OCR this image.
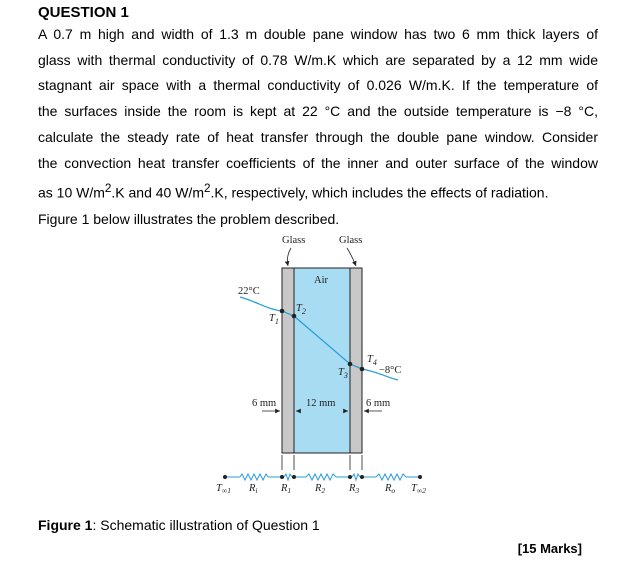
QUESTION 1
A 0.7 m high and width of 1.3 m double pane window has two 6 mm thick layers of
glass with thermal conductivity of 0.78 W/m.K which are separated by a 12 mm wide
stagnant air space with a thermal conductivity of 0.026 W/m.K. If the temperature of
the surfaces inside the room is kept at 22 °C and the outside temperature is −8 °C,
calculate the steady rate of heat transfer through the double pane window. Consider
the convection heat transfer coefficients of the inner and outer surface of the window
as 10 $W/m^2.K$ and 40 $W/m^2.K$, respectively, which includes the effects of radiation.
Figure 1 below illustrates the problem described.
Glass	Glass
Air
22°C
−8°C
$T_1$
$T_2$
$T_3$
$T_4$
6 mm	12 mm	6 mm
T∞1 Ri R1 R2 R3 Ro T∞2

Figure 1: Schematic illustration of Question 1

[15 Marks]
